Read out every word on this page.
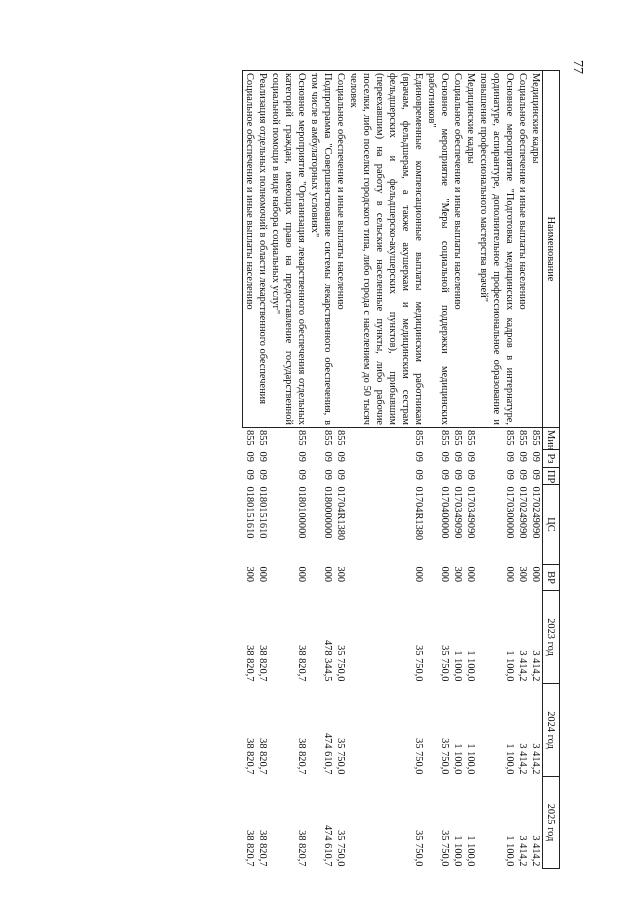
77
Наименование	Мин	Рз	ПР	ЦС	ВР	2023 год	2024 год	2025 год
Медицинские кадры	855	09	09	0170249090	000	3 414,2	3 414,2	3 414,2
Социальное обеспечение и иные выплаты населению	855	09	09	0170249090	300	3 414,2	3 414,2	3 414,2
Основное мероприятие "Подготовка медицинских кадров в интернатуре, ординатуре, аспирантуре, дополнительное профессиональное образование и повышение профессионального мастерства врачей"	855	09	09	0170300000	000	1 100,0	1 100,0	1 100,0
Медицинские кадры	855	09	09	0170349090	000	1 100,0	1 100,0	1 100,0
Социальное обеспечение и иные выплаты населению	855	09	09	0170349090	300	1 100,0	1 100,0	1 100,0
Основное мероприятие "Меры социальной поддержки медицинских работников"	855	09	09	0170400000	000	35 750,0	35 750,0	35 750,0
Единовременные компенсационные выплаты медицинским работникам (врачам, фельдшерам, а также акушеркам и медицинским сестрам фельдшерских и фельдшерско-акушерских пунктов), прибывшим (переехавшим) на работу в сельские населенные пункты, либо рабочие поселки, либо поселки городского типа, либо города с населением до 50 тысяч человек	855	09	09	01704R1380	000	35 750,0	35 750,0	35 750,0
Социальное обеспечение и иные выплаты населению	855	09	09	01704R1380	300	35 750,0	35 750,0	35 750,0
Подпрограмма "Совершенствование системы лекарственного обеспечения, в том числе в амбулаторных условиях"	855	09	09	0180000000	000	478 344,5	474 610,7	474 610,7
Основное мероприятие "Организация лекарственного обеспечения отдельных категорий граждан, имеющих право на предоставление государственной социальной помощи в виде набора социальных услуг"	855	09	09	0180100000	000	38 820,7	38 820,7	38 820,7
Реализация отдельных полномочий в области лекарственного обеспечения	855	09	09	0180151610	000	38 820,7	38 820,7	38 820,7
Социальное обеспечение и иные выплаты населению	855	09	09	0180151610	300	38 820,7	38 820,7	38 820,7
